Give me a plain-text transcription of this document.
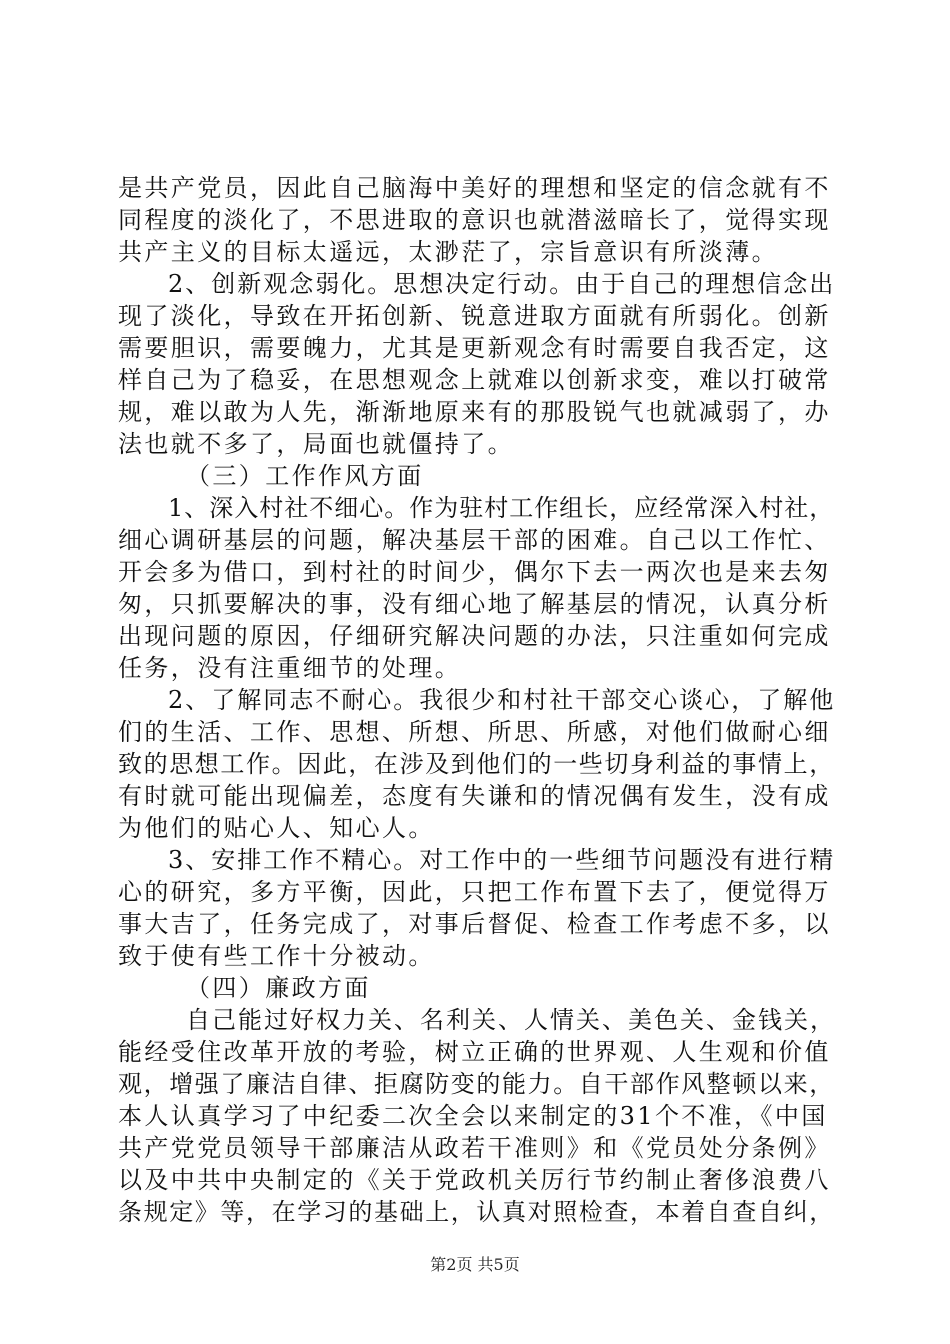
是共产党员，因此自己脑海中美好的理想和坚定的信念就有不
同程度的淡化了，不思进取的意识也就潜滋暗长了，觉得实现
共产主义的目标太遥远，太渺茫了，宗旨意识有所淡薄。
2、创新观念弱化。思想决定行动。由于自己的理想信念出
现了淡化，导致在开拓创新、锐意进取方面就有所弱化。创新
需要胆识，需要魄力，尤其是更新观念有时需要自我否定，这
样自己为了稳妥，在思想观念上就难以创新求变，难以打破常
规，难以敢为人先，渐渐地原来有的那股锐气也就减弱了，办
法也就不多了，局面也就僵持了。
（三）工作作风方面
1、深入村社不细心。作为驻村工作组长，应经常深入村社，
细心调研基层的问题，解决基层干部的困难。自己以工作忙、
开会多为借口，到村社的时间少，偶尔下去一两次也是来去匆
匆，只抓要解决的事，没有细心地了解基层的情况，认真分析
出现问题的原因，仔细研究解决问题的办法，只注重如何完成
任务，没有注重细节的处理。
2、了解同志不耐心。我很少和村社干部交心谈心，了解他
们的生活、工作、思想、所想、所思、所感，对他们做耐心细
致的思想工作。因此，在涉及到他们的一些切身利益的事情上，
有时就可能出现偏差，态度有失谦和的情况偶有发生，没有成
为他们的贴心人、知心人。
3、安排工作不精心。对工作中的一些细节问题没有进行精
心的研究，多方平衡，因此，只把工作布置下去了，便觉得万
事大吉了，任务完成了，对事后督促、检查工作考虑不多，以
致于使有些工作十分被动。
（四）廉政方面
自己能过好权力关、名利关、人情关、美色关、金钱关，
能经受住改革开放的考验，树立正确的世界观、人生观和价值
观，增强了廉洁自律、拒腐防变的能力。自干部作风整顿以来，
本人认真学习了中纪委二次全会以来制定的31个不准，《中国
共产党党员领导干部廉洁从政若干准则》和《党员处分条例》
以及中共中央制定的《关于党政机关厉行节约制止奢侈浪费八
条规定》等，在学习的基础上，认真对照检查，本着自查自纠，
第2页 共5页
